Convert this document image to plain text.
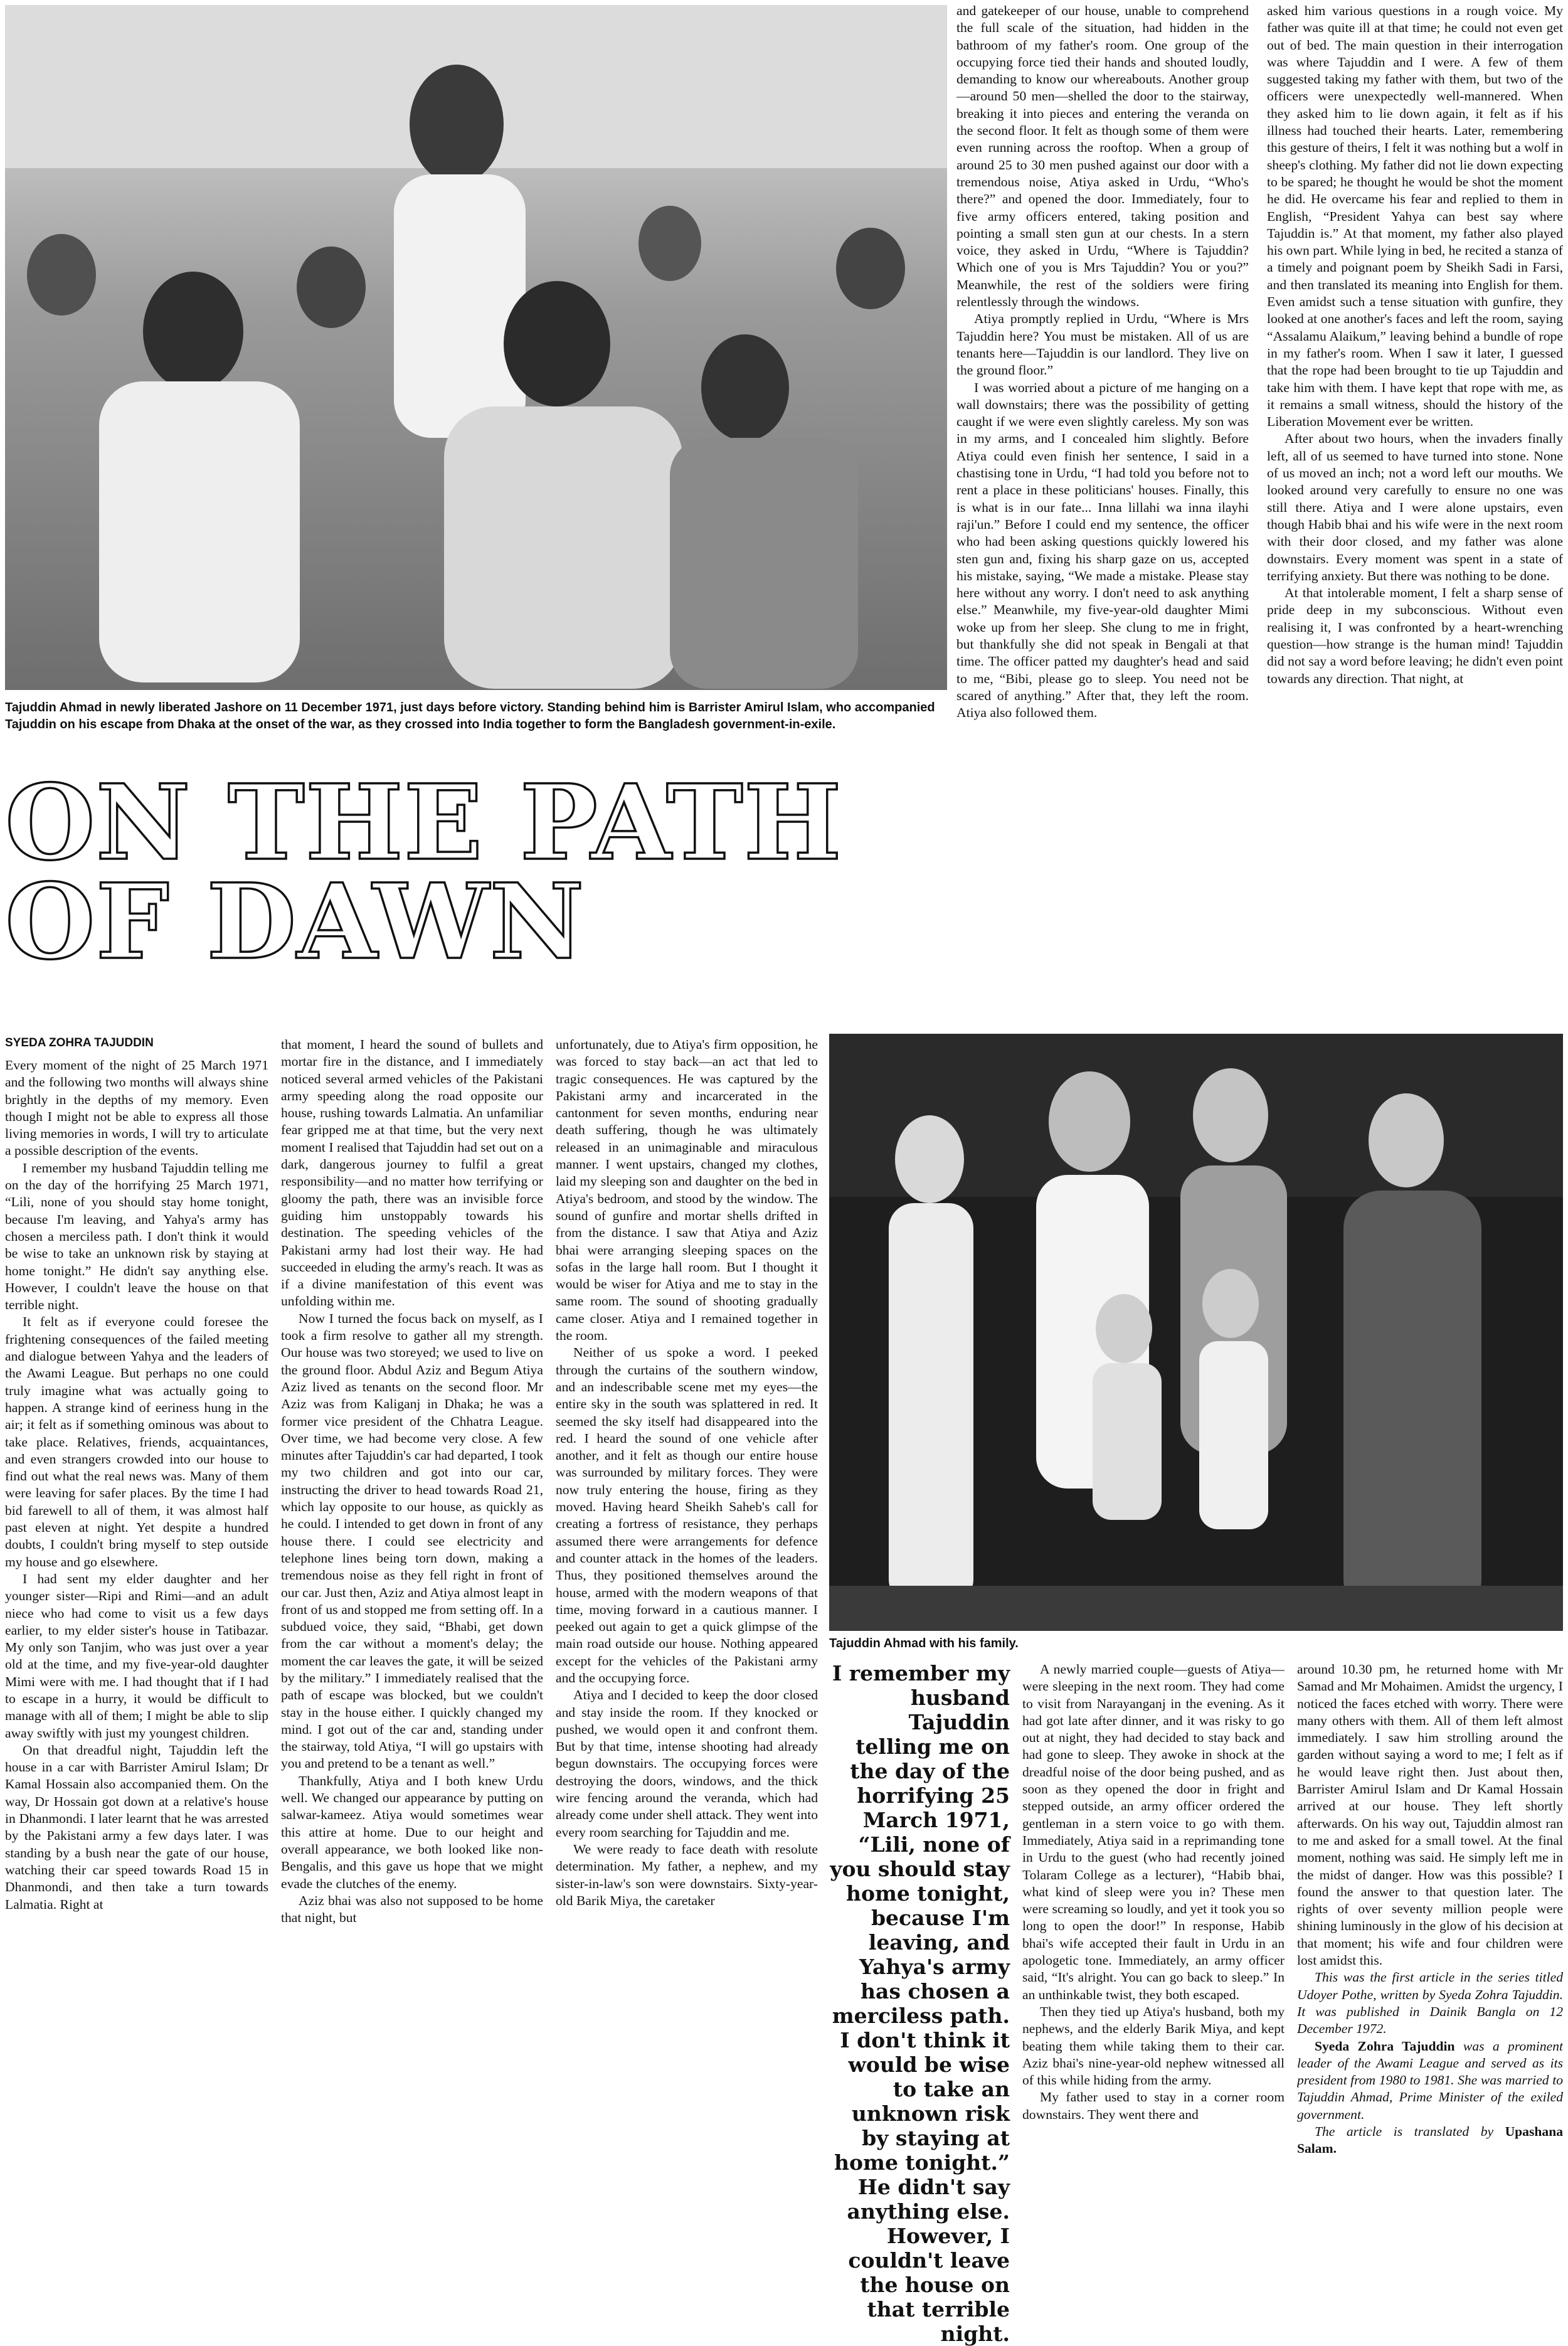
Tajuddin Ahmad in newly liberated Jashore on 11 December 1971, just days before victory. Standing behind him is Barrister Amirul Islam, who accompanied Tajuddin on his escape from Dhaka at the onset of the war, as they crossed into India together to form the Bangladesh government-in-exile.
ON THE PATH
OF DAWN

and gatekeeper of our house, unable to comprehend the full scale of the situation, had hidden in the bathroom of my father's room. One group of the occupying force tied their hands and shouted loudly, demanding to know our whereabouts. Another group—around 50 men—shelled the door to the stairway, breaking it into pieces and entering the veranda on the second floor. It felt as though some of them were even running across the rooftop. When a group of around 25 to 30 men pushed against our door with a tremendous noise, Atiya asked in Urdu, “Who's there?” and opened the door. Immediately, four to five army officers entered, taking position and pointing a small sten gun at our chests. In a stern voice, they asked in Urdu, “Where is Tajuddin? Which one of you is Mrs Tajuddin? You or you?” Meanwhile, the rest of the soldiers were firing relentlessly through the windows.

Atiya promptly replied in Urdu, “Where is Mrs Tajuddin here? You must be mistaken. All of us are tenants here—Tajuddin is our landlord. They live on the ground floor.”

I was worried about a picture of me hanging on a wall downstairs; there was the possibility of getting caught if we were even slightly careless. My son was in my arms, and I concealed him slightly. Before Atiya could even finish her sentence, I said in a chastising tone in Urdu, “I had told you before not to rent a place in these politicians' houses. Finally, this is what is in our fate... Inna lillahi wa inna ilayhi raji'un.” Before I could end my sentence, the officer who had been asking questions quickly lowered his sten gun and, fixing his sharp gaze on us, accepted his mistake, saying, “We made a mistake. Please stay here without any worry. I don't need to ask anything else.” Meanwhile, my five-year-old daughter Mimi woke up from her sleep. She clung to me in fright, but thankfully she did not speak in Bengali at that time. The officer patted my daughter's head and said to me, “Bibi, please go to sleep. You need not be scared of anything.” After that, they left the room. Atiya also followed them.

asked him various questions in a rough voice. My father was quite ill at that time; he could not even get out of bed. The main question in their interrogation was where Tajuddin and I were. A few of them suggested taking my father with them, but two of the officers were unexpectedly well-mannered. When they asked him to lie down again, it felt as if his illness had touched their hearts. Later, remembering this gesture of theirs, I felt it was nothing but a wolf in sheep's clothing. My father did not lie down expecting to be spared; he thought he would be shot the moment he did. He overcame his fear and replied to them in English, “President Yahya can best say where Tajuddin is.” At that moment, my father also played his own part. While lying in bed, he recited a stanza of a timely and poignant poem by Sheikh Sadi in Farsi, and then translated its meaning into English for them. Even amidst such a tense situation with gunfire, they looked at one another's faces and left the room, saying “Assalamu Alaikum,” leaving behind a bundle of rope in my father's room. When I saw it later, I guessed that the rope had been brought to tie up Tajuddin and take him with them. I have kept that rope with me, as it remains a small witness, should the history of the Liberation Movement ever be written.

After about two hours, when the invaders finally left, all of us seemed to have turned into stone. None of us moved an inch; not a word left our mouths. We looked around very carefully to ensure no one was still there. Atiya and I were alone upstairs, even though Habib bhai and his wife were in the next room with their door closed, and my father was alone downstairs. Every moment was spent in a state of terrifying anxiety. But there was nothing to be done.

At that intolerable moment, I felt a sharp sense of pride deep in my subconscious. Without even realising it, I was confronted by a heart-wrenching question—how strange is the human mind! Tajuddin did not say a word before leaving; he didn't even point towards any direction. That night, at

SYEDA ZOHRA TAJUDDIN

Every moment of the night of 25 March 1971 and the following two months will always shine brightly in the depths of my memory. Even though I might not be able to express all those living memories in words, I will try to articulate a possible description of the events.

I remember my husband Tajuddin telling me on the day of the horrifying 25 March 1971, “Lili, none of you should stay home tonight, because I'm leaving, and Yahya's army has chosen a merciless path. I don't think it would be wise to take an unknown risk by staying at home tonight.” He didn't say anything else. However, I couldn't leave the house on that terrible night.

It felt as if everyone could foresee the frightening consequences of the failed meeting and dialogue between Yahya and the leaders of the Awami League. But perhaps no one could truly imagine what was actually going to happen. A strange kind of eeriness hung in the air; it felt as if something ominous was about to take place. Relatives, friends, acquaintances, and even strangers crowded into our house to find out what the real news was. Many of them were leaving for safer places. By the time I had bid farewell to all of them, it was almost half past eleven at night. Yet despite a hundred doubts, I couldn't bring myself to step outside my house and go elsewhere.

I had sent my elder daughter and her younger sister—Ripi and Rimi—and an adult niece who had come to visit us a few days earlier, to my elder sister's house in Tatibazar. My only son Tanjim, who was just over a year old at the time, and my five-year-old daughter Mimi were with me. I had thought that if I had to escape in a hurry, it would be difficult to manage with all of them; I might be able to slip away swiftly with just my youngest children.

On that dreadful night, Tajuddin left the house in a car with Barrister Amirul Islam; Dr Kamal Hossain also accompanied them. On the way, Dr Hossain got down at a relative's house in Dhanmondi. I later learnt that he was arrested by the Pakistani army a few days later. I was standing by a bush near the gate of our house, watching their car speed towards Road 15 in Dhanmondi, and then take a turn towards Lalmatia. Right at

that moment, I heard the sound of bullets and mortar fire in the distance, and I immediately noticed several armed vehicles of the Pakistani army speeding along the road opposite our house, rushing towards Lalmatia. An unfamiliar fear gripped me at that time, but the very next moment I realised that Tajuddin had set out on a dark, dangerous journey to fulfil a great responsibility—and no matter how terrifying or gloomy the path, there was an invisible force guiding him unstoppably towards his destination. The speeding vehicles of the Pakistani army had lost their way. He had succeeded in eluding the army's reach. It was as if a divine manifestation of this event was unfolding within me.

Now I turned the focus back on myself, as I took a firm resolve to gather all my strength. Our house was two storeyed; we used to live on the ground floor. Abdul Aziz and Begum Atiya Aziz lived as tenants on the second floor. Mr Aziz was from Kaliganj in Dhaka; he was a former vice president of the Chhatra League. Over time, we had become very close. A few minutes after Tajuddin's car had departed, I took my two children and got into our car, instructing the driver to head towards Road 21, which lay opposite to our house, as quickly as he could. I intended to get down in front of any house there. I could see electricity and telephone lines being torn down, making a tremendous noise as they fell right in front of our car. Just then, Aziz and Atiya almost leapt in front of us and stopped me from setting off. In a subdued voice, they said, “Bhabi, get down from the car without a moment's delay; the moment the car leaves the gate, it will be seized by the military.” I immediately realised that the path of escape was blocked, but we couldn't stay in the house either. I quickly changed my mind. I got out of the car and, standing under the stairway, told Atiya, “I will go upstairs with you and pretend to be a tenant as well.”

Thankfully, Atiya and I both knew Urdu well. We changed our appearance by putting on salwar-kameez. Atiya would sometimes wear this attire at home. Due to our height and overall appearance, we both looked like non-Bengalis, and this gave us hope that we might evade the clutches of the enemy.

Aziz bhai was also not supposed to be home that night, but

unfortunately, due to Atiya's firm opposition, he was forced to stay back—an act that led to tragic consequences. He was captured by the Pakistani army and incarcerated in the cantonment for seven months, enduring near death suffering, though he was ultimately released in an unimaginable and miraculous manner. I went upstairs, changed my clothes, laid my sleeping son and daughter on the bed in Atiya's bedroom, and stood by the window. The sound of gunfire and mortar shells drifted in from the distance. I saw that Atiya and Aziz bhai were arranging sleeping spaces on the sofas in the large hall room. But I thought it would be wiser for Atiya and me to stay in the same room. The sound of shooting gradually came closer. Atiya and I remained together in the room.

Neither of us spoke a word. I peeked through the curtains of the southern window, and an indescribable scene met my eyes—the entire sky in the south was splattered in red. It seemed the sky itself had disappeared into the red. I heard the sound of one vehicle after another, and it felt as though our entire house was surrounded by military forces. They were now truly entering the house, firing as they moved. Having heard Sheikh Saheb's call for creating a fortress of resistance, they perhaps assumed there were arrangements for defence and counter attack in the homes of the leaders. Thus, they positioned themselves around the house, armed with the modern weapons of that time, moving forward in a cautious manner. I peeked out again to get a quick glimpse of the main road outside our house. Nothing appeared except for the vehicles of the Pakistani army and the occupying force.

Atiya and I decided to keep the door closed and stay inside the room. If they knocked or pushed, we would open it and confront them. But by that time, intense shooting had already begun downstairs. The occupying forces were destroying the doors, windows, and the thick wire fencing around the veranda, which had already come under shell attack. They went into every room searching for Tajuddin and me.

We were ready to face death with resolute determination. My father, a nephew, and my sister-in-law's son were downstairs. Sixty-year-old Barik Miya, the caretaker

Tajuddin Ahmad with his family.
I remember my husband Tajuddin telling me on the day of the horrifying 25 March 1971, “Lili, none of you should stay home tonight, because I'm leaving, and Yahya's army has chosen a merciless path. I don't think it would be wise to take an unknown risk by staying at home tonight.” He didn't say anything else. However, I couldn't leave the house on that terrible night.

A newly married couple—guests of Atiya—were sleeping in the next room. They had come to visit from Narayanganj in the evening. As it had got late after dinner, and it was risky to go out at night, they had decided to stay back and had gone to sleep. They awoke in shock at the dreadful noise of the door being pushed, and as soon as they opened the door in fright and stepped outside, an army officer ordered the gentleman in a stern voice to go with them. Immediately, Atiya said in a reprimanding tone in Urdu to the guest (who had recently joined Tolaram College as a lecturer), “Habib bhai, what kind of sleep were you in? These men were screaming so loudly, and yet it took you so long to open the door!” In response, Habib bhai's wife accepted their fault in Urdu in an apologetic tone. Immediately, an army officer said, “It's alright. You can go back to sleep.” In an unthinkable twist, they both escaped.

Then they tied up Atiya's husband, both my nephews, and the elderly Barik Miya, and kept beating them while taking them to their car. Aziz bhai's nine-year-old nephew witnessed all of this while hiding from the army.

My father used to stay in a corner room downstairs. They went there and

around 10.30 pm, he returned home with Mr Samad and Mr Mohaimen. Amidst the urgency, I noticed the faces etched with worry. There were many others with them. All of them left almost immediately. I saw him strolling around the garden without saying a word to me; I felt as if he would leave right then. Just about then, Barrister Amirul Islam and Dr Kamal Hossain arrived at our house. They left shortly afterwards. On his way out, Tajuddin almost ran to me and asked for a small towel. At the final moment, nothing was said. He simply left me in the midst of danger. How was this possible? I found the answer to that question later. The rights of over seventy million people were shining luminously in the glow of his decision at that moment; his wife and four children were lost amidst this.

This was the first article in the series titled Udoyer Pothe, written by Syeda Zohra Tajuddin. It was published in Dainik Bangla on 12 December 1972.

Syeda Zohra Tajuddin was a prominent leader of the Awami League and served as its president from 1980 to 1981. She was married to Tajuddin Ahmad, Prime Minister of the exiled government.

The article is translated by Upashana Salam.
